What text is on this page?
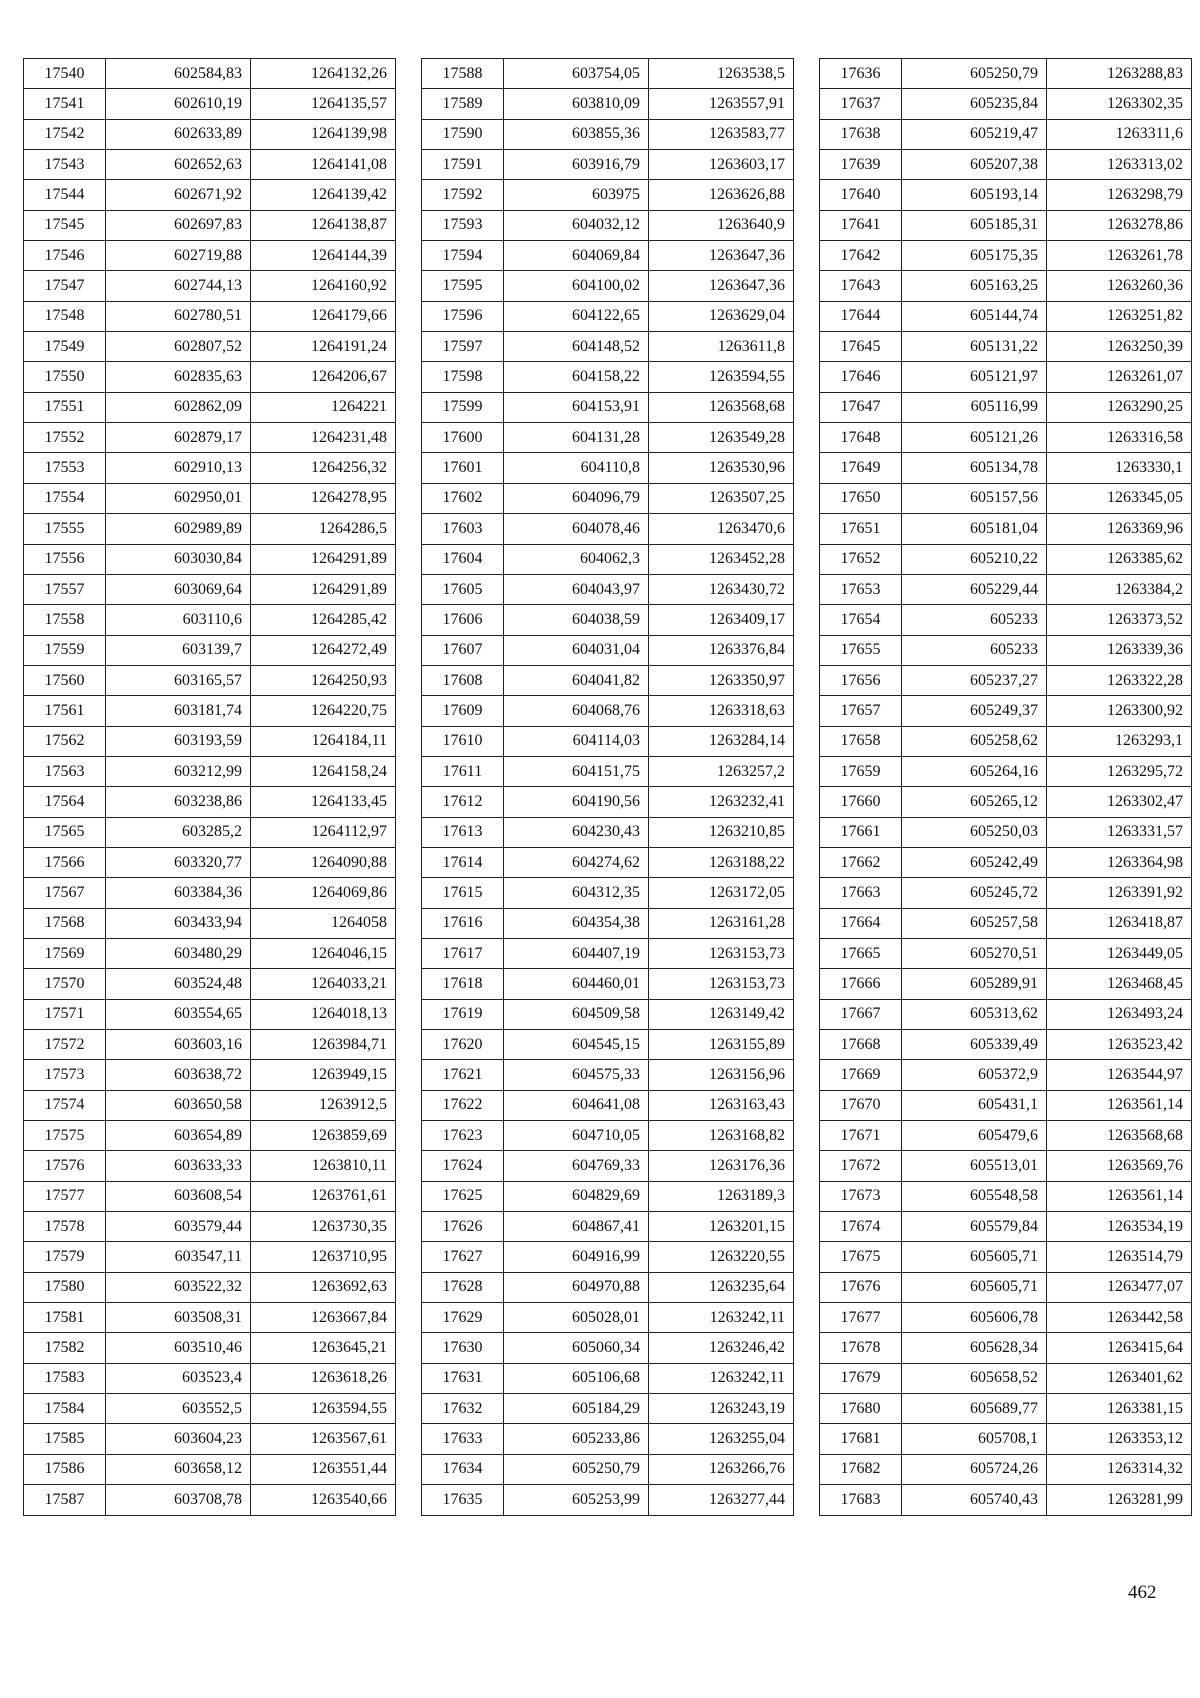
17540	602584,83	1264132,26
17541	602610,19	1264135,57
17542	602633,89	1264139,98
17543	602652,63	1264141,08
17544	602671,92	1264139,42
17545	602697,83	1264138,87
17546	602719,88	1264144,39
17547	602744,13	1264160,92
17548	602780,51	1264179,66
17549	602807,52	1264191,24
17550	602835,63	1264206,67
17551	602862,09	1264221
17552	602879,17	1264231,48
17553	602910,13	1264256,32
17554	602950,01	1264278,95
17555	602989,89	1264286,5
17556	603030,84	1264291,89
17557	603069,64	1264291,89
17558	603110,6	1264285,42
17559	603139,7	1264272,49
17560	603165,57	1264250,93
17561	603181,74	1264220,75
17562	603193,59	1264184,11
17563	603212,99	1264158,24
17564	603238,86	1264133,45
17565	603285,2	1264112,97
17566	603320,77	1264090,88
17567	603384,36	1264069,86
17568	603433,94	1264058
17569	603480,29	1264046,15
17570	603524,48	1264033,21
17571	603554,65	1264018,13
17572	603603,16	1263984,71
17573	603638,72	1263949,15
17574	603650,58	1263912,5
17575	603654,89	1263859,69
17576	603633,33	1263810,11
17577	603608,54	1263761,61
17578	603579,44	1263730,35
17579	603547,11	1263710,95
17580	603522,32	1263692,63
17581	603508,31	1263667,84
17582	603510,46	1263645,21
17583	603523,4	1263618,26
17584	603552,5	1263594,55
17585	603604,23	1263567,61
17586	603658,12	1263551,44
17587	603708,78	1263540,66
17588	603754,05	1263538,5
17589	603810,09	1263557,91
17590	603855,36	1263583,77
17591	603916,79	1263603,17
17592	603975	1263626,88
17593	604032,12	1263640,9
17594	604069,84	1263647,36
17595	604100,02	1263647,36
17596	604122,65	1263629,04
17597	604148,52	1263611,8
17598	604158,22	1263594,55
17599	604153,91	1263568,68
17600	604131,28	1263549,28
17601	604110,8	1263530,96
17602	604096,79	1263507,25
17603	604078,46	1263470,6
17604	604062,3	1263452,28
17605	604043,97	1263430,72
17606	604038,59	1263409,17
17607	604031,04	1263376,84
17608	604041,82	1263350,97
17609	604068,76	1263318,63
17610	604114,03	1263284,14
17611	604151,75	1263257,2
17612	604190,56	1263232,41
17613	604230,43	1263210,85
17614	604274,62	1263188,22
17615	604312,35	1263172,05
17616	604354,38	1263161,28
17617	604407,19	1263153,73
17618	604460,01	1263153,73
17619	604509,58	1263149,42
17620	604545,15	1263155,89
17621	604575,33	1263156,96
17622	604641,08	1263163,43
17623	604710,05	1263168,82
17624	604769,33	1263176,36
17625	604829,69	1263189,3
17626	604867,41	1263201,15
17627	604916,99	1263220,55
17628	604970,88	1263235,64
17629	605028,01	1263242,11
17630	605060,34	1263246,42
17631	605106,68	1263242,11
17632	605184,29	1263243,19
17633	605233,86	1263255,04
17634	605250,79	1263266,76
17635	605253,99	1263277,44
17636	605250,79	1263288,83
17637	605235,84	1263302,35
17638	605219,47	1263311,6
17639	605207,38	1263313,02
17640	605193,14	1263298,79
17641	605185,31	1263278,86
17642	605175,35	1263261,78
17643	605163,25	1263260,36
17644	605144,74	1263251,82
17645	605131,22	1263250,39
17646	605121,97	1263261,07
17647	605116,99	1263290,25
17648	605121,26	1263316,58
17649	605134,78	1263330,1
17650	605157,56	1263345,05
17651	605181,04	1263369,96
17652	605210,22	1263385,62
17653	605229,44	1263384,2
17654	605233	1263373,52
17655	605233	1263339,36
17656	605237,27	1263322,28
17657	605249,37	1263300,92
17658	605258,62	1263293,1
17659	605264,16	1263295,72
17660	605265,12	1263302,47
17661	605250,03	1263331,57
17662	605242,49	1263364,98
17663	605245,72	1263391,92
17664	605257,58	1263418,87
17665	605270,51	1263449,05
17666	605289,91	1263468,45
17667	605313,62	1263493,24
17668	605339,49	1263523,42
17669	605372,9	1263544,97
17670	605431,1	1263561,14
17671	605479,6	1263568,68
17672	605513,01	1263569,76
17673	605548,58	1263561,14
17674	605579,84	1263534,19
17675	605605,71	1263514,79
17676	605605,71	1263477,07
17677	605606,78	1263442,58
17678	605628,34	1263415,64
17679	605658,52	1263401,62
17680	605689,77	1263381,15
17681	605708,1	1263353,12
17682	605724,26	1263314,32
17683	605740,43	1263281,99
462
